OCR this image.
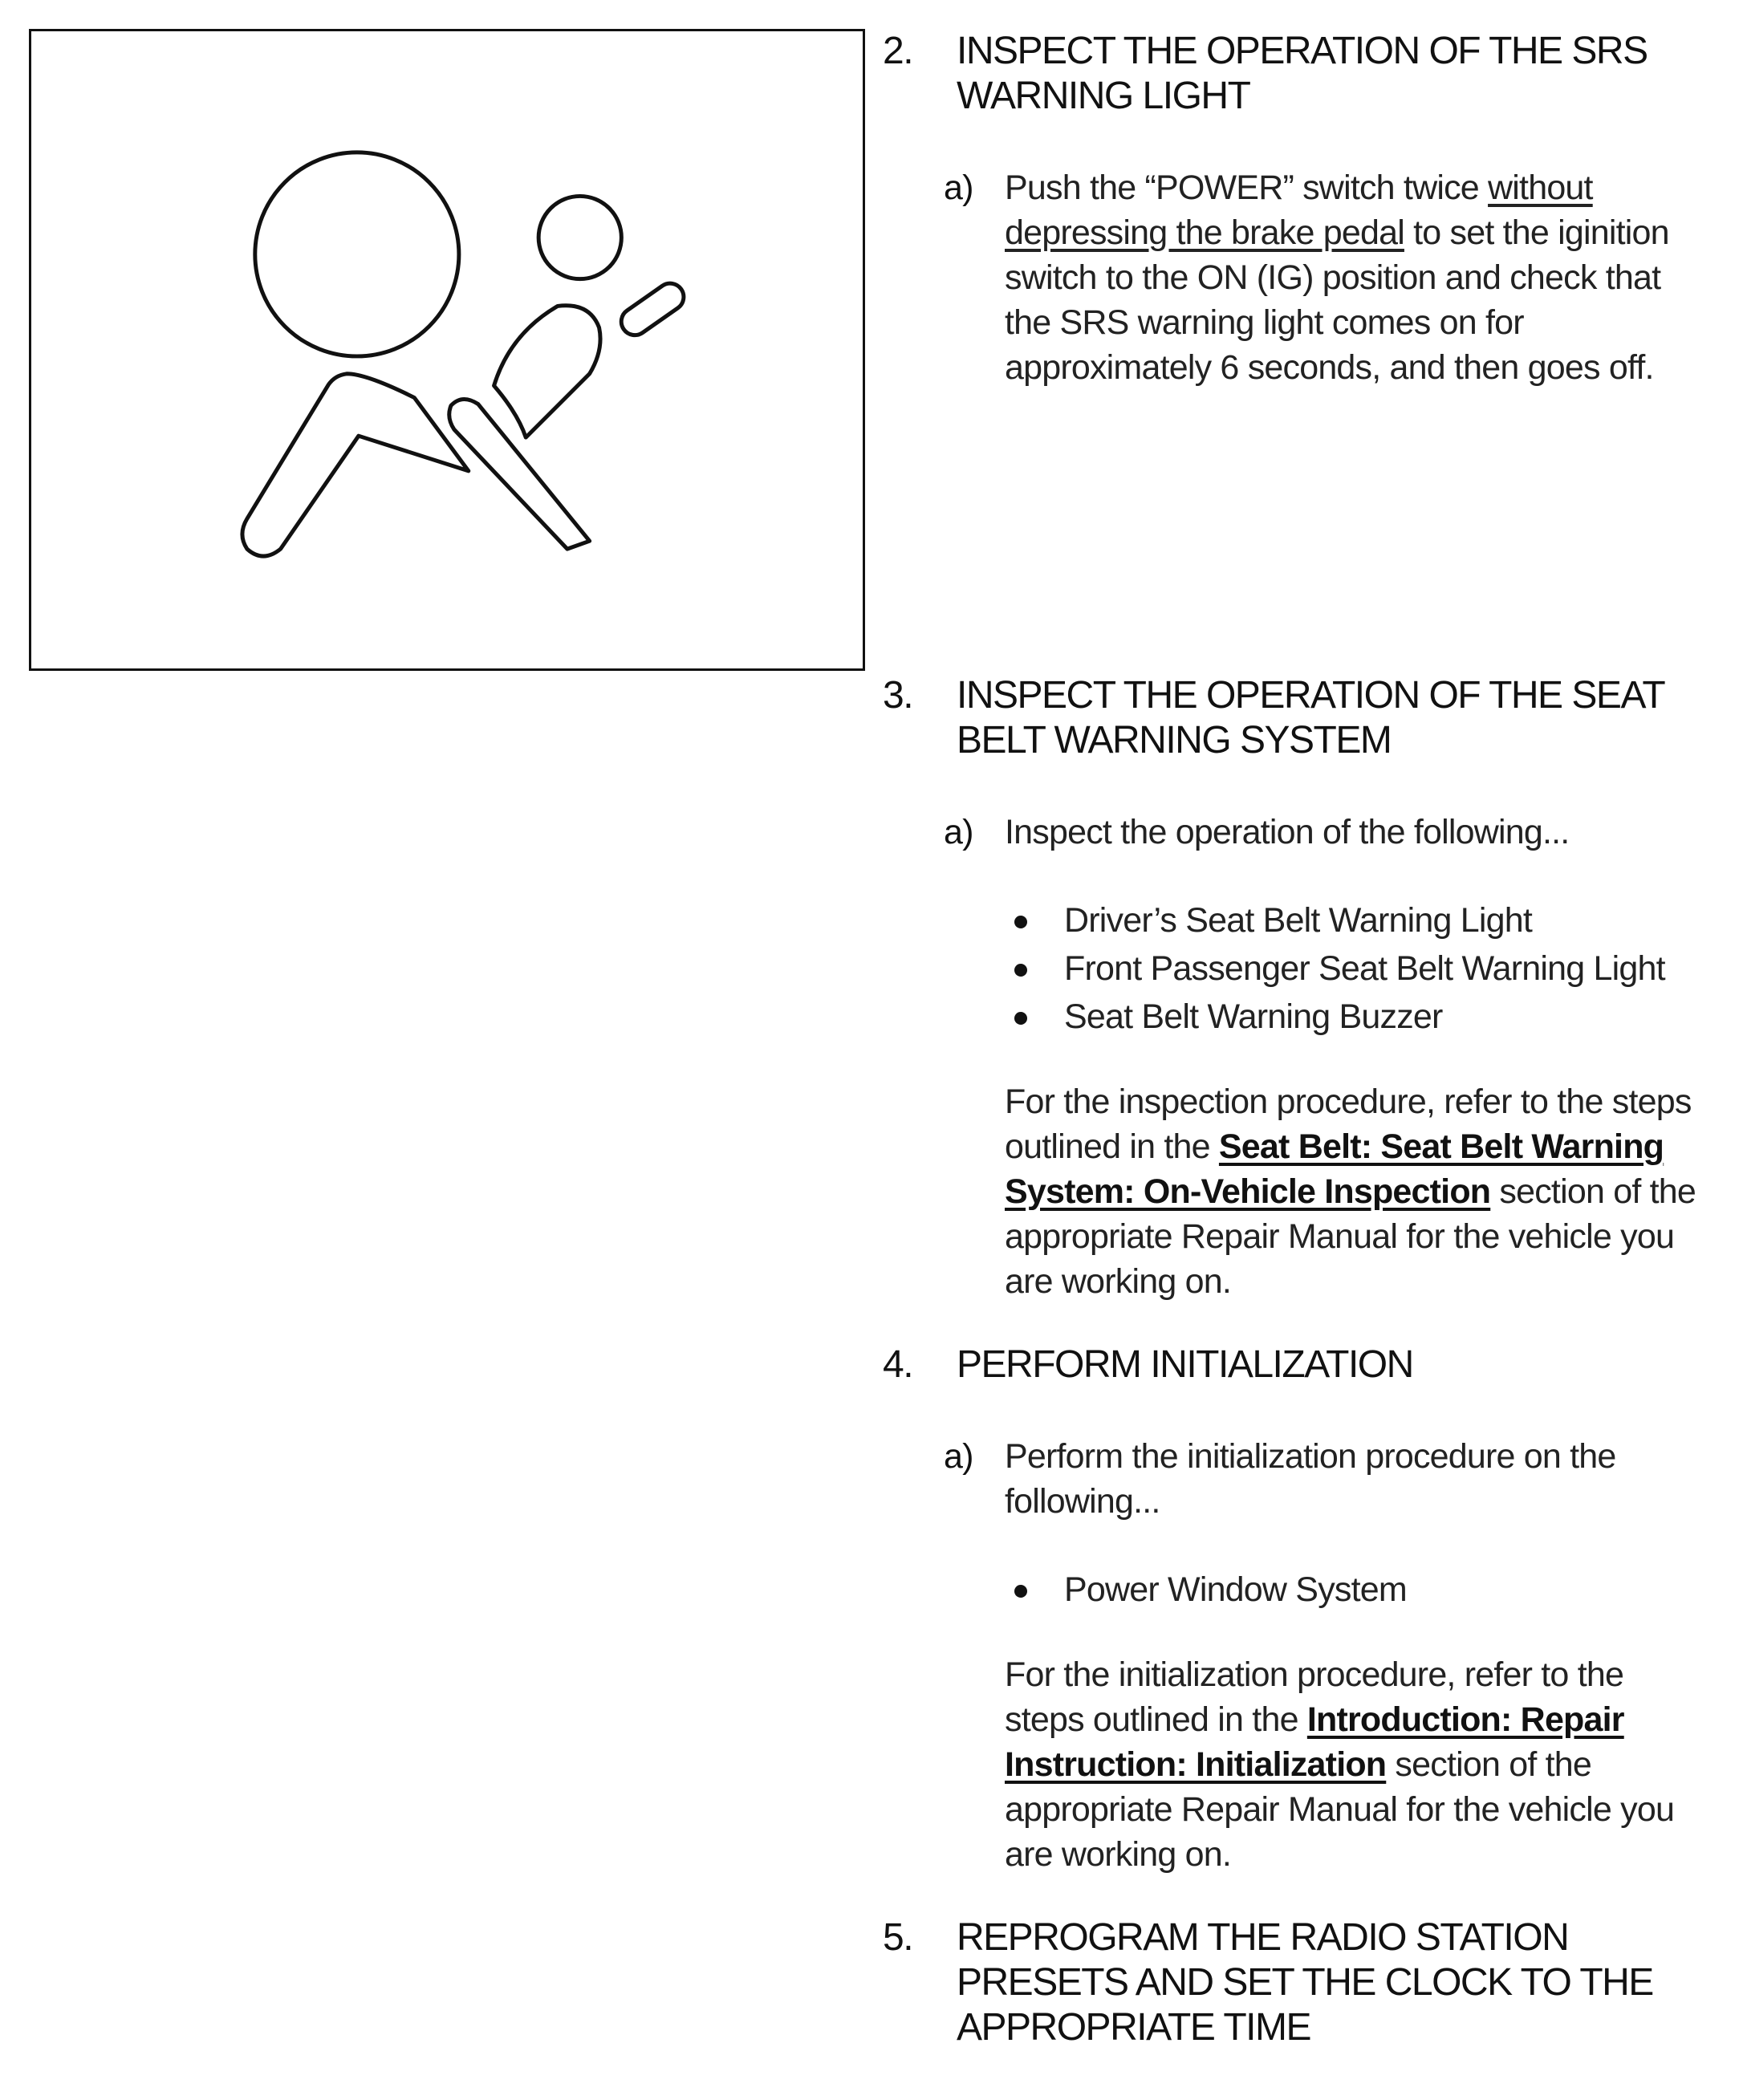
2. INSPECT THE OPERATION OF THE SRS WARNING LIGHT
a) Push the “POWER” switch twice without depressing the brake pedal to set the iginition switch to the ON (IG) position and check that the SRS warning light comes on for approximately 6 seconds, and then goes off.
3. INSPECT THE OPERATION OF THE SEAT BELT WARNING SYSTEM
a) Inspect the operation of the following...
Driver’s Seat Belt Warning Light
Front Passenger Seat Belt Warning Light
Seat Belt Warning Buzzer
For the inspection procedure, refer to the steps outlined in the Seat Belt: Seat Belt Warning System: On-Vehicle Inspection section of the appropriate Repair Manual for the vehicle you are working on.
4. PERFORM INITIALIZATION
a) Perform the initialization procedure on the following...
Power Window System
For the initialization procedure, refer to the steps outlined in the Introduction: Repair Instruction: Initialization section of the appropriate Repair Manual for the vehicle you are working on.
5. REPROGRAM THE RADIO STATION PRESETS AND SET THE CLOCK TO THE APPROPRIATE TIME
